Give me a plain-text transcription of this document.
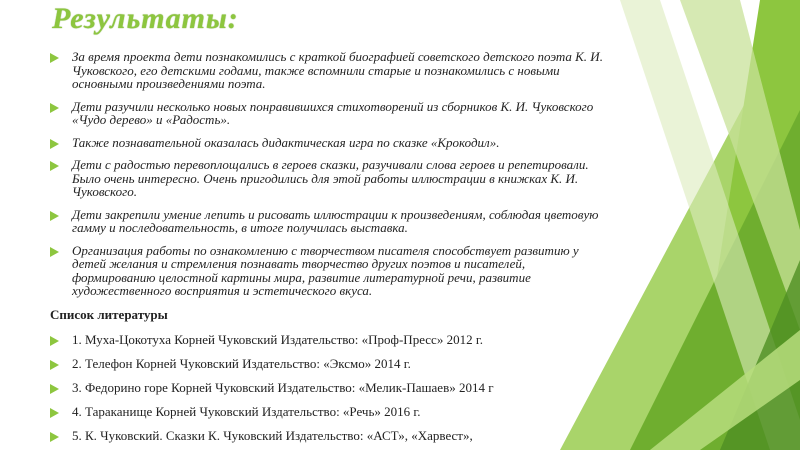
Результаты:
За время проекта дети познакомились с краткой биографией советского детского поэта К. И. Чуковского, его детскими годами, также вспомнили старые и познакомились с новыми основными произведениями поэта.
Дети разучили несколько новых понравившихся стихотворений из сборников К. И. Чуковского «Чудо дерево» и «Радость».
Также познавательной оказалась дидактическая игра по сказке «Крокодил».
Дети с радостью перевоплощались в героев сказки, разучивали слова героев и репетировали. Было очень интересно. Очень пригодились для этой работы иллюстрации в книжках К. И. Чуковского.
Дети закрепили умение лепить и рисовать иллюстрации к произведениям, соблюдая цветовую гамму и последовательность, в итоге получилась выставка.
Организация работы по ознакомлению с творчеством писателя способствует развитию у детей желания и стремления познавать творчество других поэтов и писателей, формированию целостной картины мира, развитие литературной речи, развитие художественного восприятия и эстетического вкуса.
Список литературы
1. Муха-Цокотуха Корней Чуковский Издательство: «Проф-Пресс» 2012 г.
2. Телефон Корней Чуковский Издательство: «Эксмо» 2014 г.
3. Федорино горе Корней Чуковский Издательство: «Мелик-Пашаев» 2014 г
4. Тараканище Корней Чуковский Издательство: «Речь» 2016 г.
5. К. Чуковский. Сказки К. Чуковский Издательство: «АСТ», «Харвест»,
